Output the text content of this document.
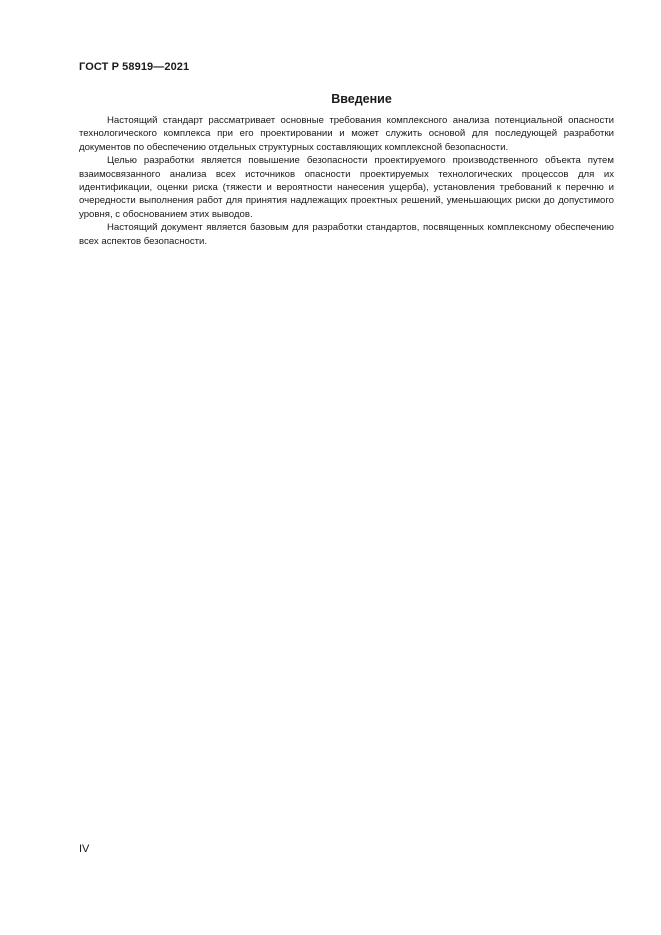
ГОСТ Р 58919—2021
Введение

Настоящий стандарт рассматривает основные требования комплексного анализа потенциальной опасности технологического комплекса при его проектировании и может служить основой для последующей разработки документов по обеспечению отдельных структурных составляющих комплексной безопасности.

Целью разработки является повышение безопасности проектируемого производственного объекта путем взаимосвязанного анализа всех источников опасности проектируемых технологических процессов для их идентификации, оценки риска (тяжести и вероятности нанесения ущерба), установления требований к перечню и очередности выполнения работ для принятия надлежащих проектных решений, уменьшающих риски до допустимого уровня, с обоснованием этих выводов.

Настоящий документ является базовым для разработки стандартов, посвященных комплексному обеспечению всех аспектов безопасности.

IV
